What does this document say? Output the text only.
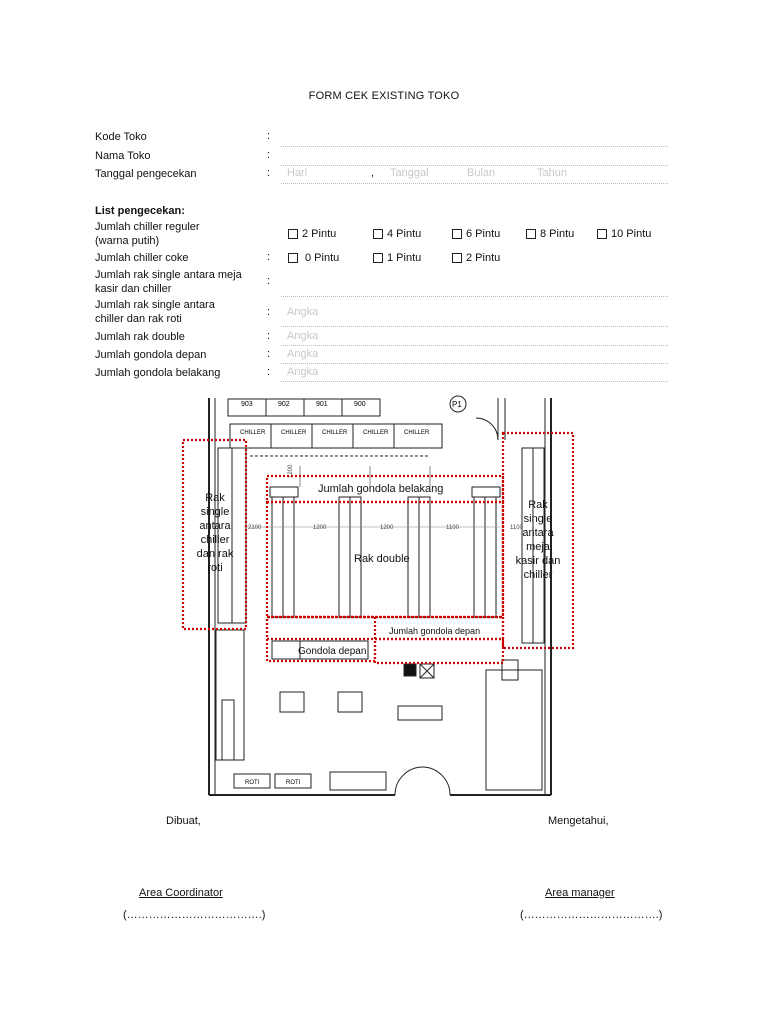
FORM CEK EXISTING TOKO
Kode Toko	:
Nama Toko	:
Tanggal pengecekan	: Hari	, Tanggal	Bulan	Tahun
List pengecekan:
Jumlah chiller reguler
(warna putih)
2 Pintu	4 Pintu	6 Pintu	8 Pintu	10 Pintu
Jumlah chiller coke	:	0 Pintu	1 Pintu	2 Pintu
Jumlah rak single antara meja
kasir dan chiller
:
Jumlah rak single antara
chiller dan rak roti
: Angka
Jumlah rak double	: Angka
Jumlah gondola depan	: Angka
Jumlah gondola belakang	: Angka
P1
903	902	901	900
CHILLER	CHILLER	CHILLER	CHILLER	CHILLER
1200	1200	1100	1100
2100
1200
ROTI	ROTI
Rak
single
antara
chiller
dan rak
roti
Rak
single
antara
meja
kasir dan
chiller
Jumlah gondola belakang
Rak double
Jumlah gondola depan
Gondola depan
Dibuat,	Mengetahui,
Area Coordinator	Area manager
(……………………………….)	(……………………………….)
